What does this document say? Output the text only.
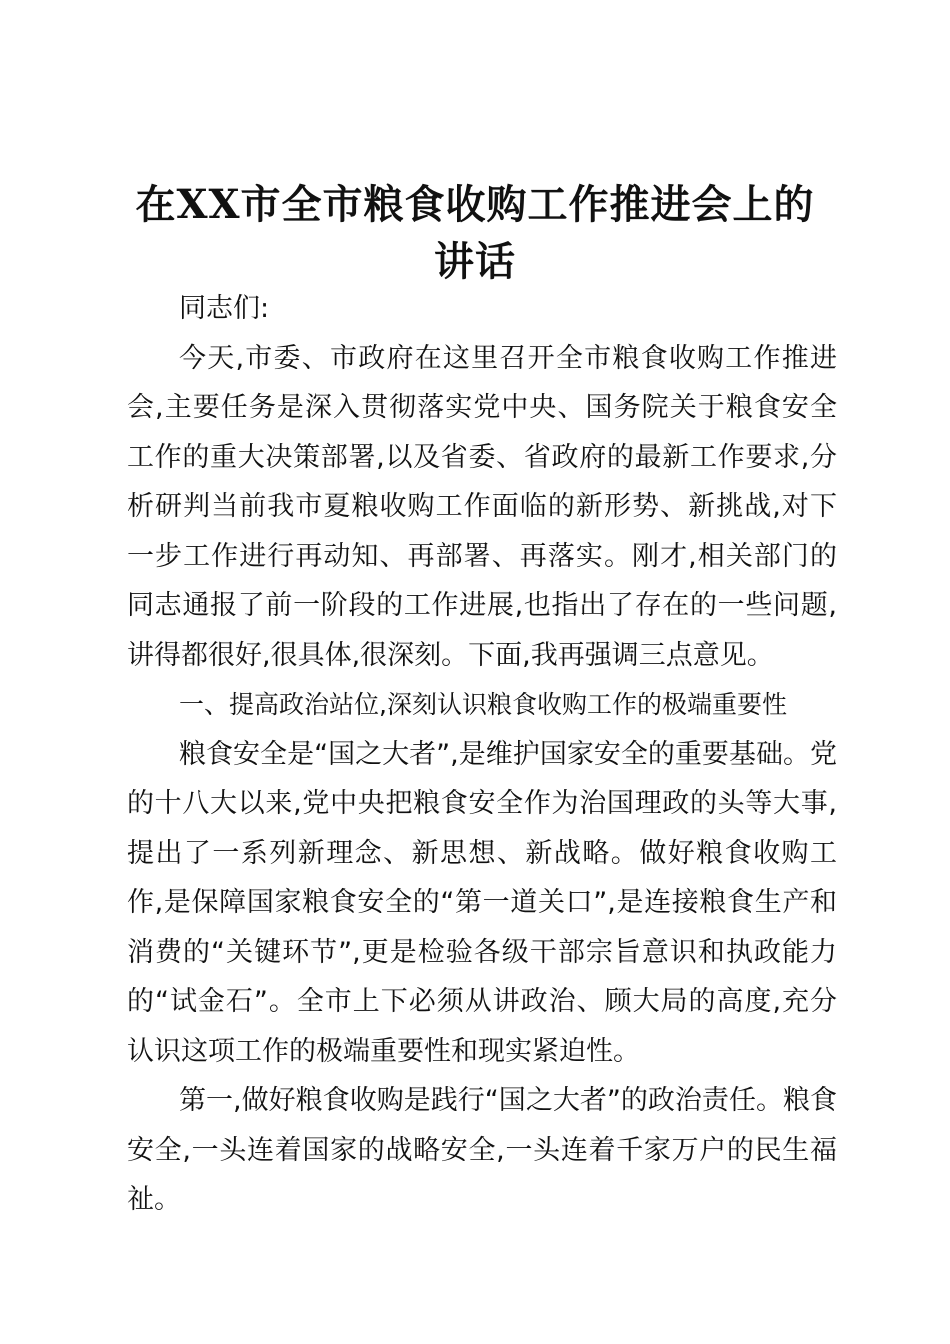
在XX市全市粮食收购工作推进会上的
讲话

同志们:

今天,市委、市政府在这里召开全市粮食收购工作推进会,主要任务是深入贯彻落实党中央、国务院关于粮食安全工作的重大决策部署,以及省委、省政府的最新工作要求,分析研判当前我市夏粮收购工作面临的新形势、新挑战,对下一步工作进行再动知、再部署、再落实。刚才,相关部门的同志通报了前一阶段的工作进展,也指出了存在的一些问题,讲得都很好,很具体,很深刻。下面,我再强调三点意见。

一、提高政治站位,深刻认识粮食收购工作的极端重要性

粮食安全是“国之大者”,是维护国家安全的重要基础。党的十八大以来,党中央把粮食安全作为治国理政的头等大事,提出了一系列新理念、新思想、新战略。做好粮食收购工作,是保障国家粮食安全的“第一道关口”,是连接粮食生产和消费的“关键环节”,更是检验各级干部宗旨意识和执政能力的“试金石”。全市上下必须从讲政治、顾大局的高度,充分认识这项工作的极端重要性和现实紧迫性。

第一,做好粮食收购是践行“国之大者”的政治责任。粮食安全,一头连着国家的战略安全,一头连着千家万户的民生福祉。
